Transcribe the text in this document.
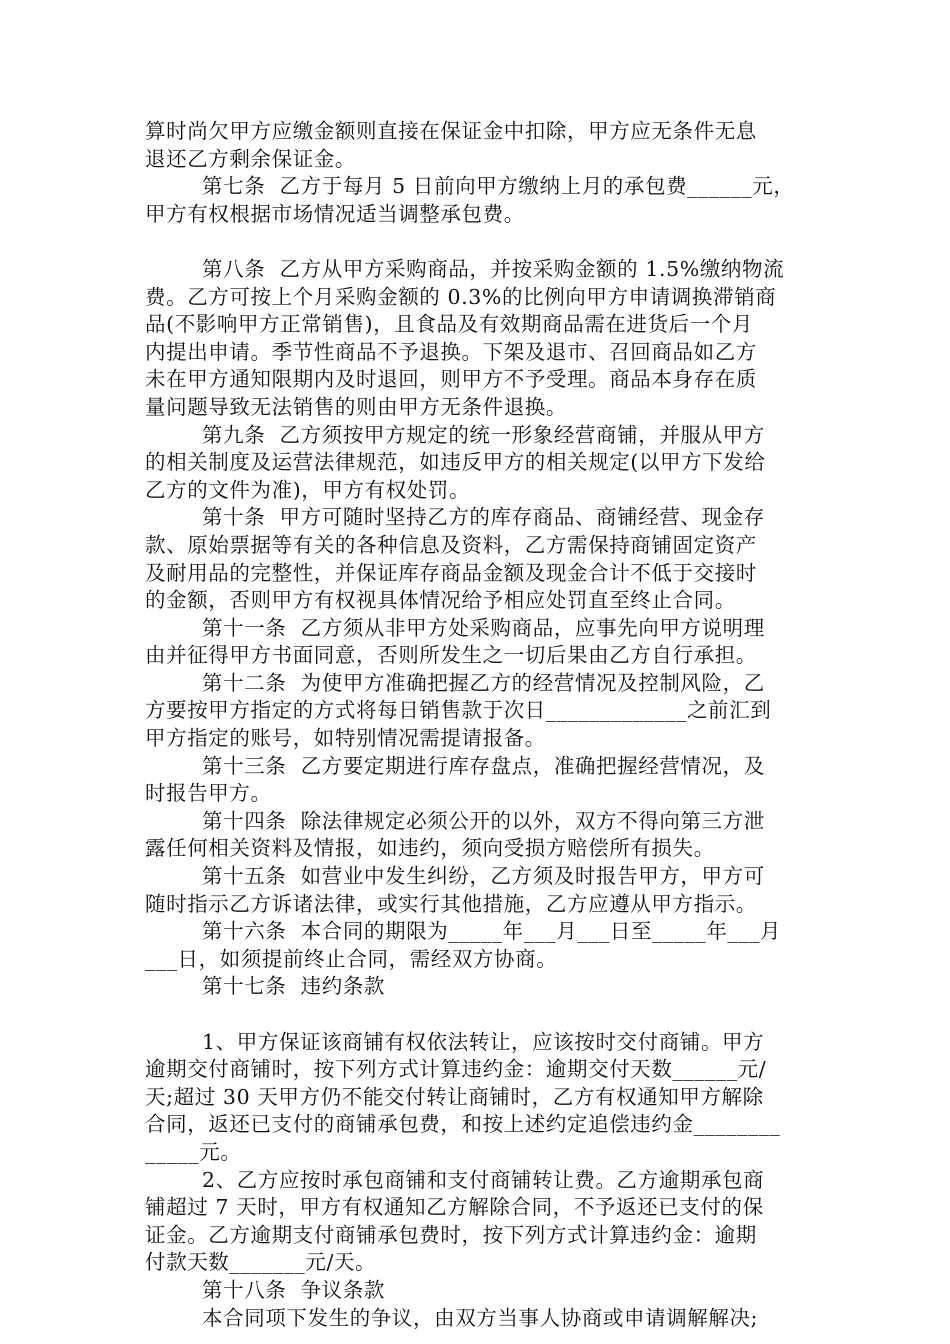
算时尚欠甲方应缴金额则直接在保证金中扣除，甲方应无条件无息
退还乙方剩余保证金。
第七条  乙方于每月 5 日前向甲方缴纳上月的承包费______元，
甲方有权根据市场情况适当调整承包费。
第八条  乙方从甲方采购商品，并按采购金额的 1.5%缴纳物流
费。乙方可按上个月采购金额的 0.3%的比例向甲方申请调换滞销商
品(不影响甲方正常销售)，且食品及有效期商品需在进货后一个月
内提出申请。季节性商品不予退换。下架及退市、召回商品如乙方
未在甲方通知限期内及时退回，则甲方不予受理。商品本身存在质
量问题导致无法销售的则由甲方无条件退换。
第九条  乙方须按甲方规定的统一形象经营商铺，并服从甲方
的相关制度及运营法律规范，如违反甲方的相关规定(以甲方下发给
乙方的文件为准)，甲方有权处罚。
第十条  甲方可随时坚持乙方的库存商品、商铺经营、现金存
款、原始票据等有关的各种信息及资料，乙方需保持商铺固定资产
及耐用品的完整性，并保证库存商品金额及现金合计不低于交接时
的金额，否则甲方有权视具体情况给予相应处罚直至终止合同。
第十一条  乙方须从非甲方处采购商品，应事先向甲方说明理
由并征得甲方书面同意，否则所发生之一切后果由乙方自行承担。
第十二条  为使甲方准确把握乙方的经营情况及控制风险，乙
方要按甲方指定的方式将每日销售款于次日_____________之前汇到
甲方指定的账号，如特别情况需提请报备。
第十三条  乙方要定期进行库存盘点，准确把握经营情况，及
时报告甲方。
第十四条  除法律规定必须公开的以外，双方不得向第三方泄
露任何相关资料及情报，如违约，须向受损方赔偿所有损失。
第十五条  如营业中发生纠纷，乙方须及时报告甲方，甲方可
随时指示乙方诉诸法律，或实行其他措施，乙方应遵从甲方指示。
第十六条  本合同的期限为_____年___月___日至_____年___月
___日，如须提前终止合同，需经双方协商。
第十七条  违约条款
1、甲方保证该商铺有权依法转让，应该按时交付商铺。甲方
逾期交付商铺时，按下列方式计算违约金：逾期交付天数______元/
天;超过 30 天甲方仍不能交付转让商铺时，乙方有权通知甲方解除
合同，返还已支付的商铺承包费，和按上述约定追偿违约金________
_____元。
2、乙方应按时承包商铺和支付商铺转让费。乙方逾期承包商
铺超过 7 天时，甲方有权通知乙方解除合同，不予返还已支付的保
证金。乙方逾期支付商铺承包费时，按下列方式计算违约金：逾期
付款天数_______元/天。
第十八条  争议条款
本合同项下发生的争议，由双方当事人协商或申请调解解决;
